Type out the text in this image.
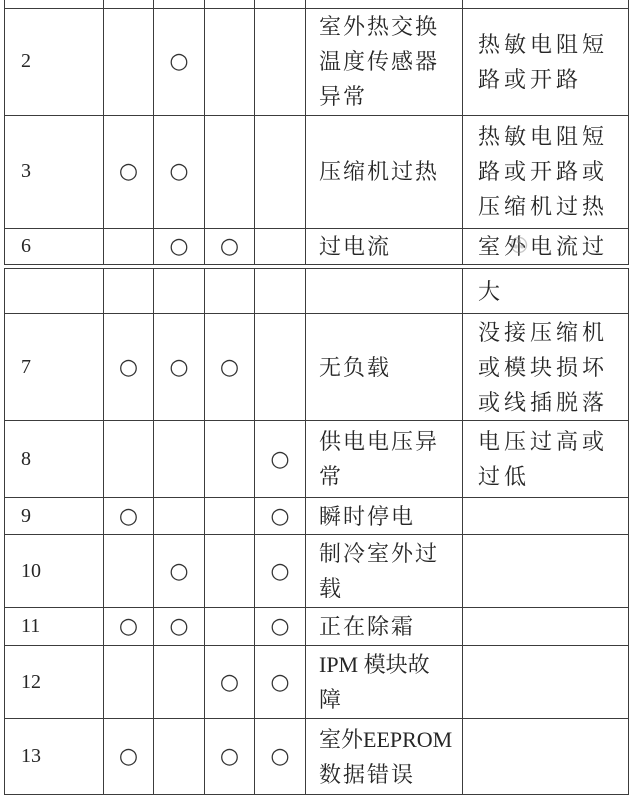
2		○			室外热交换
温度传感器
异常	热敏电阻短
路或开路

3	○	○			压缩机过热	热敏电阻短
路或开路或
压缩机过热

6		○	○		过电流	室外电流过

						大

7	○	○	○		无负载	没接压缩机
或模块损坏
或线插脱落

8				○	供电电压异
常	电压过高或
过低

9	○			○	瞬时停电	

10		○		○	制冷室外过
载	

11	○	○		○	正在除霜	

12			○	○	IPM 模块故
障	

13	○		○	○	室外EEPROM
数据错误	
